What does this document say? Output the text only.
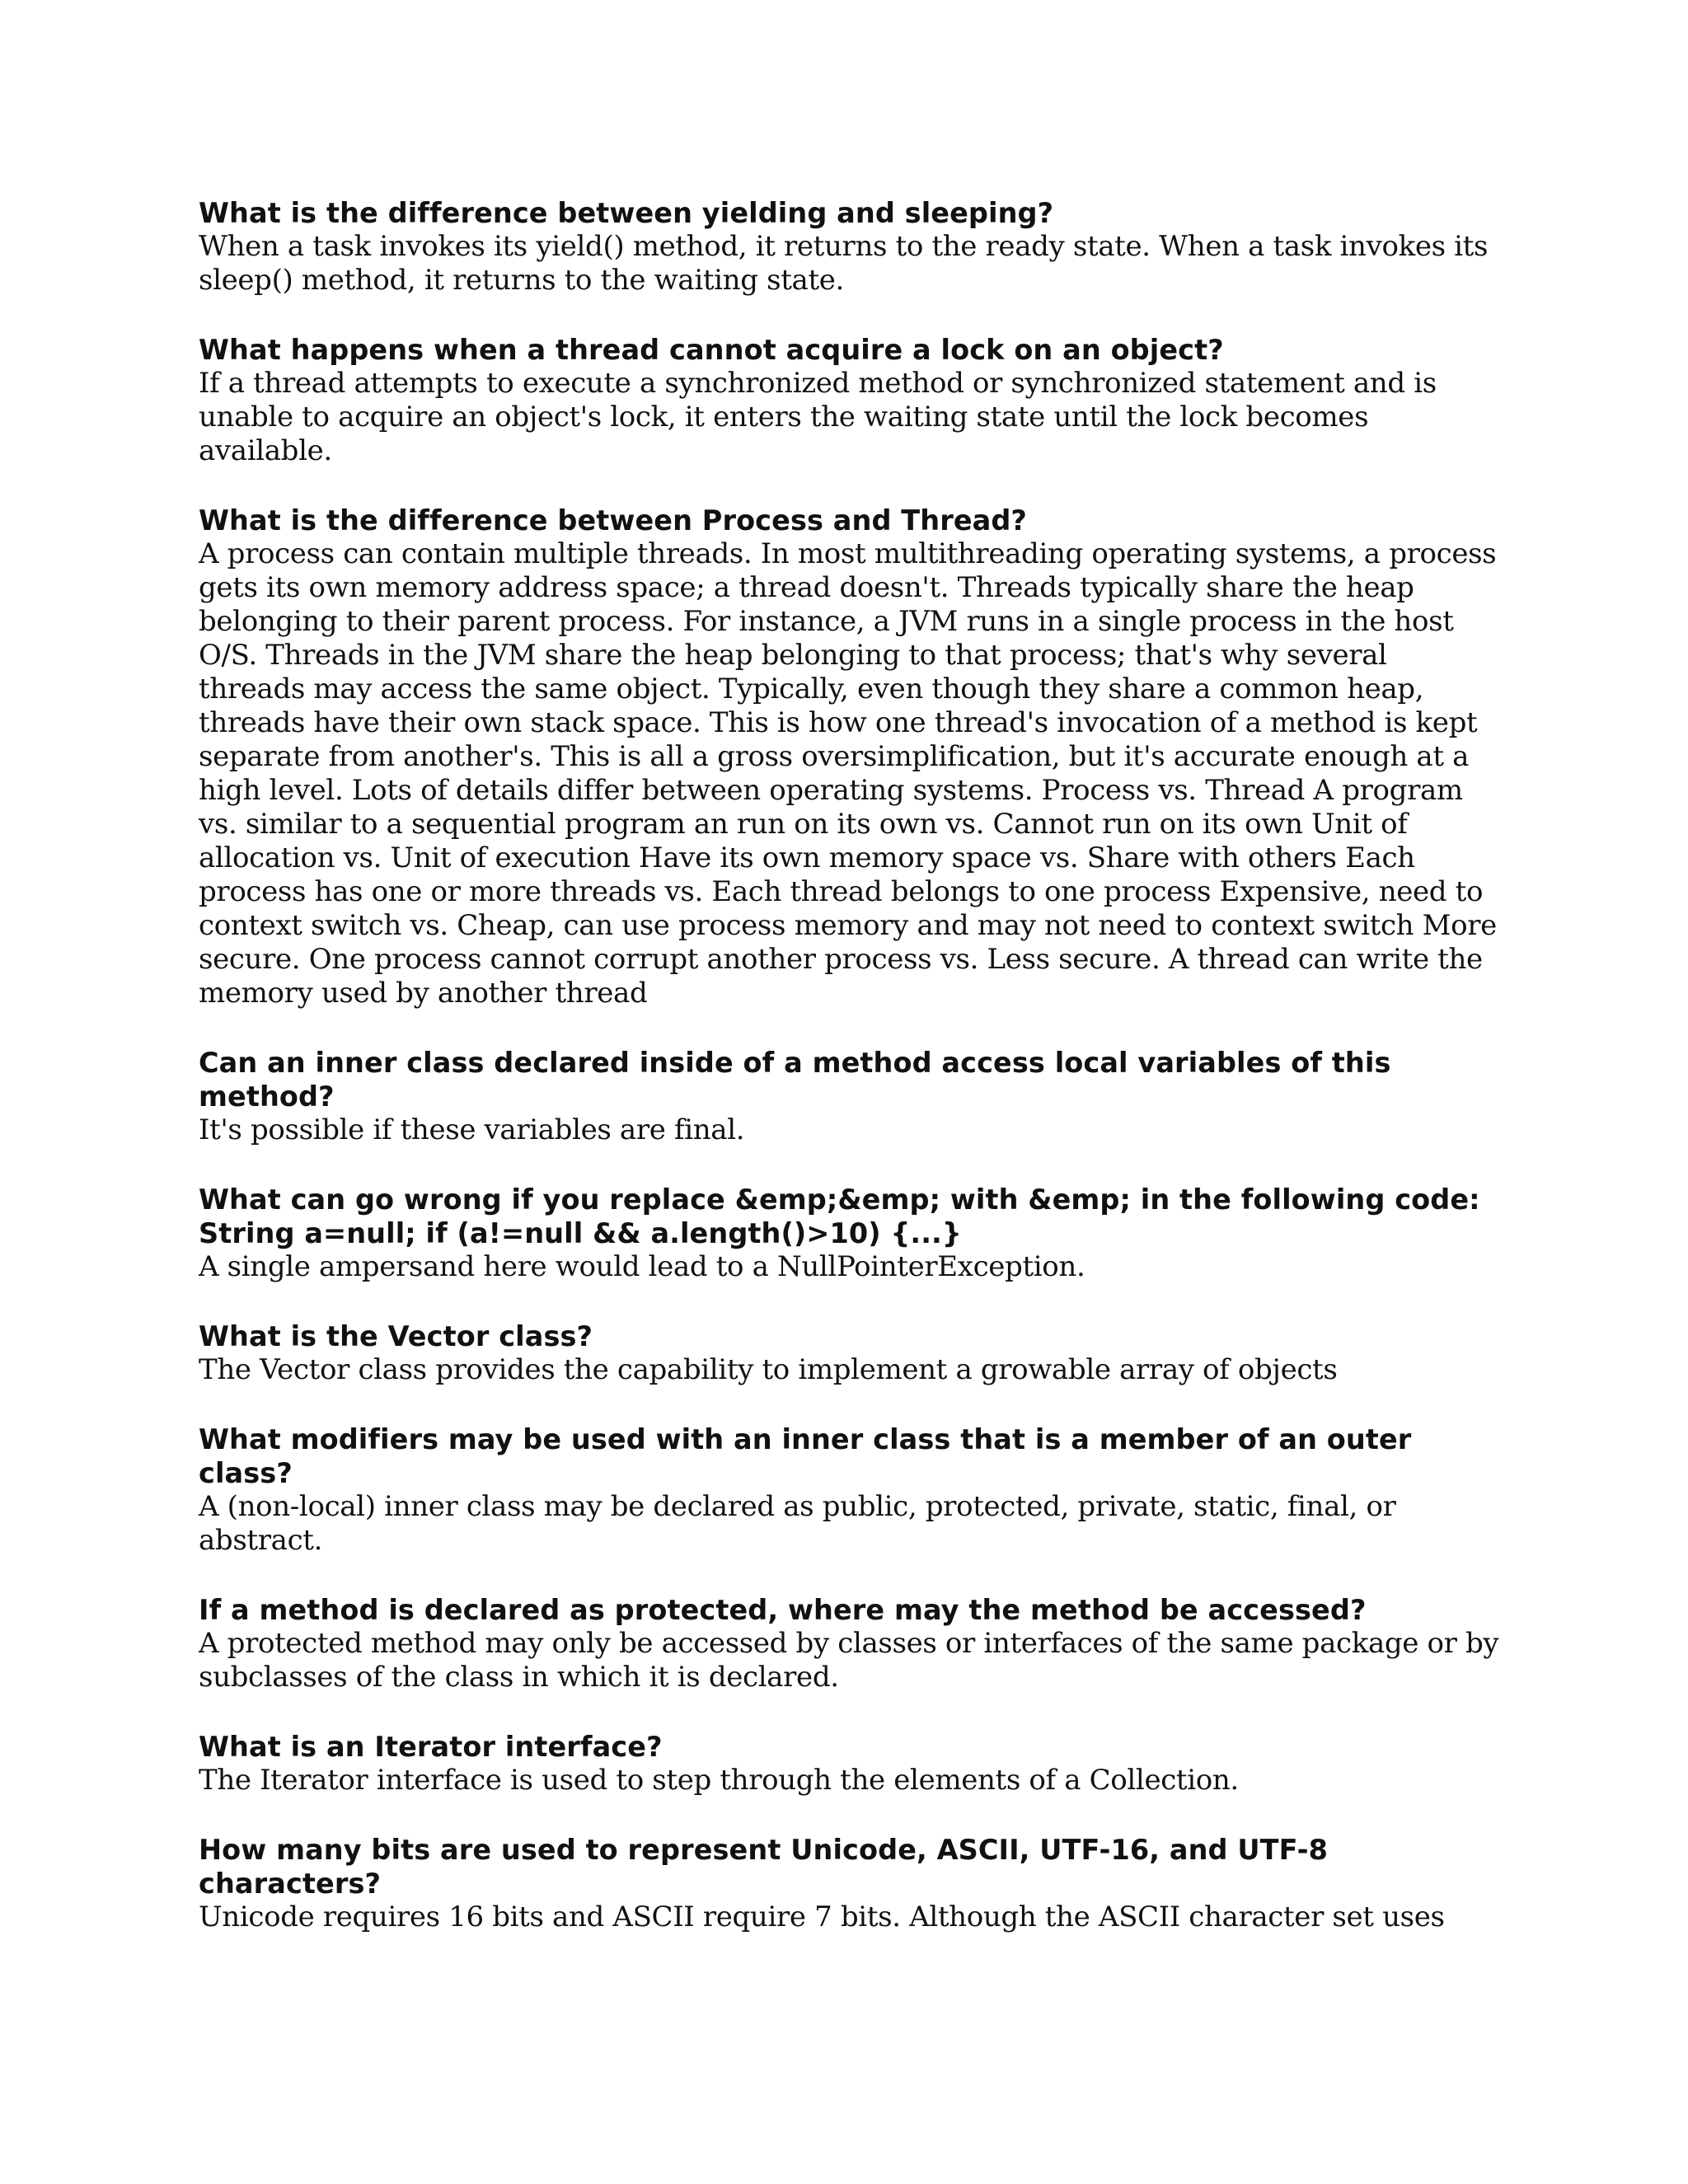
What is the difference between yielding and sleeping?

When a task invokes its yield() method, it returns to the ready state. When a task invokes its sleep() method, it returns to the waiting state.

What happens when a thread cannot acquire a lock on an object?

If a thread attempts to execute a synchronized method or synchronized statement and is unable to acquire an object's lock, it enters the waiting state until the lock becomes available.

What is the difference between Process and Thread?

A process can contain multiple threads. In most multithreading operating systems, a process gets its own memory address space; a thread doesn't. Threads typically share the heap belonging to their parent process. For instance, a JVM runs in a single process in the host O/S. Threads in the JVM share the heap belonging to that process; that's why several threads may access the same object. Typically, even though they share a common heap, threads have their own stack space. This is how one thread's invocation of a method is kept separate from another's. This is all a gross oversimplification, but it's accurate enough at a high level. Lots of details differ between operating systems. Process vs. Thread A program vs. similar to a sequential program an run on its own vs. Cannot run on its own Unit of allocation vs. Unit of execution Have its own memory space vs. Share with others Each process has one or more threads vs. Each thread belongs to one process Expensive, need to context switch vs. Cheap, can use process memory and may not need to context switch More secure. One process cannot corrupt another process vs. Less secure. A thread can write the memory used by another thread

Can an inner class declared inside of a method access local variables of this method?

It's possible if these variables are final.

What can go wrong if you replace &emp;&emp; with &emp; in the following code: String a=null; if (a!=null && a.length()>10) {...}

A single ampersand here would lead to a NullPointerException.

What is the Vector class?

The Vector class provides the capability to implement a growable array of objects

What modifiers may be used with an inner class that is a member of an outer class?

A (non-local) inner class may be declared as public, protected, private, static, final, or abstract.

If a method is declared as protected, where may the method be accessed?

A protected method may only be accessed by classes or interfaces of the same package or by subclasses of the class in which it is declared.

What is an Iterator interface?

The Iterator interface is used to step through the elements of a Collection.

How many bits are used to represent Unicode, ASCII, UTF-16, and UTF-8 characters?

Unicode requires 16 bits and ASCII require 7 bits. Although the ASCII character set uses
